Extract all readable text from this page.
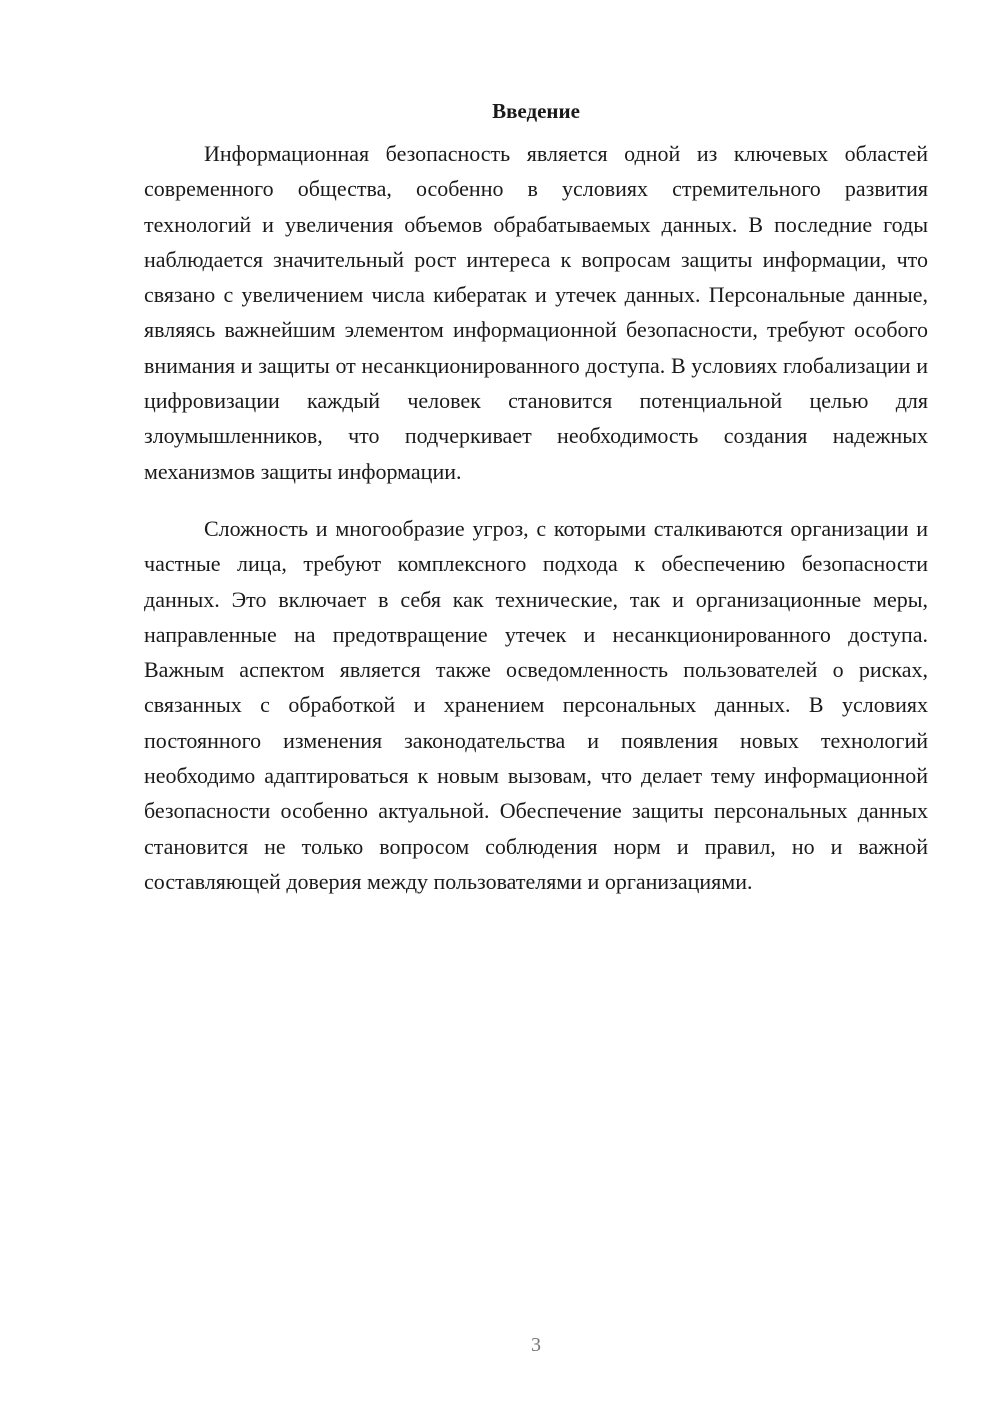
Введение

Информационная безопасность является одной из ключевых областей современного общества, особенно в условиях стремительного развития технологий и увеличения объемов обрабатываемых данных. В последние годы наблюдается значительный рост интереса к вопросам защиты информации, что связано с увеличением числа кибератак и утечек данных. Персональные данные, являясь важнейшим элементом информационной безопасности, требуют особого внимания и защиты от несанкционированного доступа. В условиях глобализации и цифровизации каждый человек становится потенциальной целью для злоумышленников, что подчеркивает необходимость создания надежных механизмов защиты информации.

Сложность и многообразие угроз, с которыми сталкиваются организации и частные лица, требуют комплексного подхода к обеспечению безопасности данных. Это включает в себя как технические, так и организационные меры, направленные на предотвращение утечек и несанкционированного доступа. Важным аспектом является также осведомленность пользователей о рисках, связанных с обработкой и хранением персональных данных. В условиях постоянного изменения законодательства и появления новых технологий необходимо адаптироваться к новым вызовам, что делает тему информационной безопасности особенно актуальной. Обеспечение защиты персональных данных становится не только вопросом соблюдения норм и правил, но и важной составляющей доверия между пользователями и организациями.

3
